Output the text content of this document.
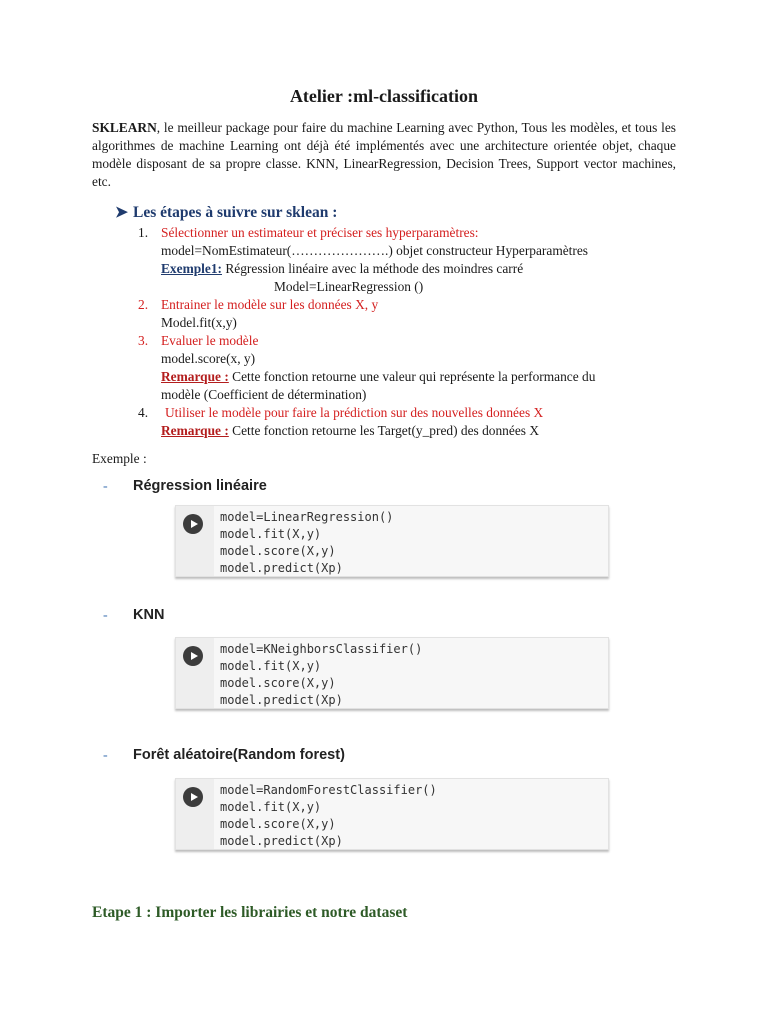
Atelier :ml-classification
SKLEARN, le meilleur package pour faire du machine Learning avec Python, Tous les modèles, et tous les algorithmes de machine Learning ont déjà été implémentés avec une architecture orientée objet, chaque modèle disposant de sa propre classe. KNN, LinearRegression, Decision Trees, Support vector machines, etc.
➤ Les étapes à suivre sur sklean :
1. Sélectionner un estimateur et préciser ses hyperparamètres:
model=NomEstimateur(………………….) objet constructeur Hyperparamètres
Exemple1: Régression linéaire avec la méthode des moindres carré
Model=LinearRegression ()
2. Entrainer le modèle sur les données X, y
Model.fit(x,y)
3. Evaluer le modèle
model.score(x, y)
Remarque : Cette fonction retourne une valeur qui représente la performance du
modèle (Coefficient de détermination)
4.	Utiliser le modèle pour faire la prédiction sur des nouvelles données X
Remarque : Cette fonction retourne les Target(y_pred) des données X
Exemple :
- Régression linéaire
model=LinearRegression()
model.fit(X,y)
model.score(X,y)
model.predict(Xp)
- KNN
model=KNeighborsClassifier()
model.fit(X,y)
model.score(X,y)
model.predict(Xp)
- Forêt aléatoire(Random forest)
model=RandomForestClassifier()
model.fit(X,y)
model.score(X,y)
model.predict(Xp)
Etape 1 : Importer les librairies et notre dataset
